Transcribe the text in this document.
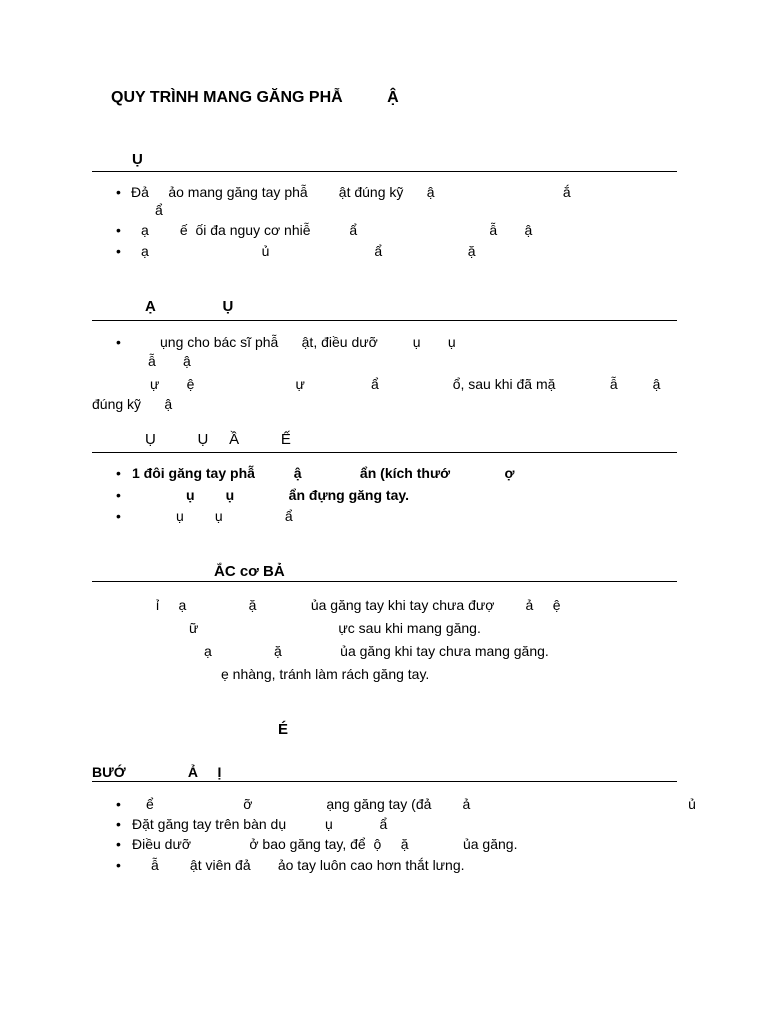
QUY TRÌNH MANG GĂNG PHẪ          Ậ
Ụ
• Đả     ảo mang găng tay phẫ        ật đúng kỹ      ậ                                 ắ
ẩ
• ạ        ế  ối đa nguy cơ nhiễ          ẩ                                  ẫ       ậ
• ạ                             ủ                           ẩ                      ặ
Ạ                Ụ
•	ụng cho bác sĩ phẫ      ật, điều dưỡ         ụ       ụ
ẫ       ậ
ự       ệ                          ự                 ẩ                   ổ, sau khi đã mặ              ẫ         ậ
đúng kỹ      ậ
Ụ          Ụ     Ầ          Ế
• 1 đôi găng tay phẫ          ậ               ẩn (kích thướ              ợ
•	ụ        ụ              ẩn đựng găng tay.
•	ụ        ụ                ẩ
ẮC cơ BẢ
ỉ     ạ                ặ              ủa găng tay khi tay chưa đượ        ả     ệ
ữ                                    ực sau khi mang găng.
ạ                ặ               ủa găng khi tay chưa mang găng.
ẹ nhàng, tránh làm rách găng tay.
É
BƯỚ                Ả     Ị
• ể                       ỡ                   ạng găng tay (đả        ả                                                        ủ
• Đặt găng tay trên bàn dụ          ụ            ẩ
• Điều dưỡ               ở bao găng tay, để  ộ     ặ              ủa găng.
• ẫ        ật viên đả       ảo tay luôn cao hơn thắt lưng.
